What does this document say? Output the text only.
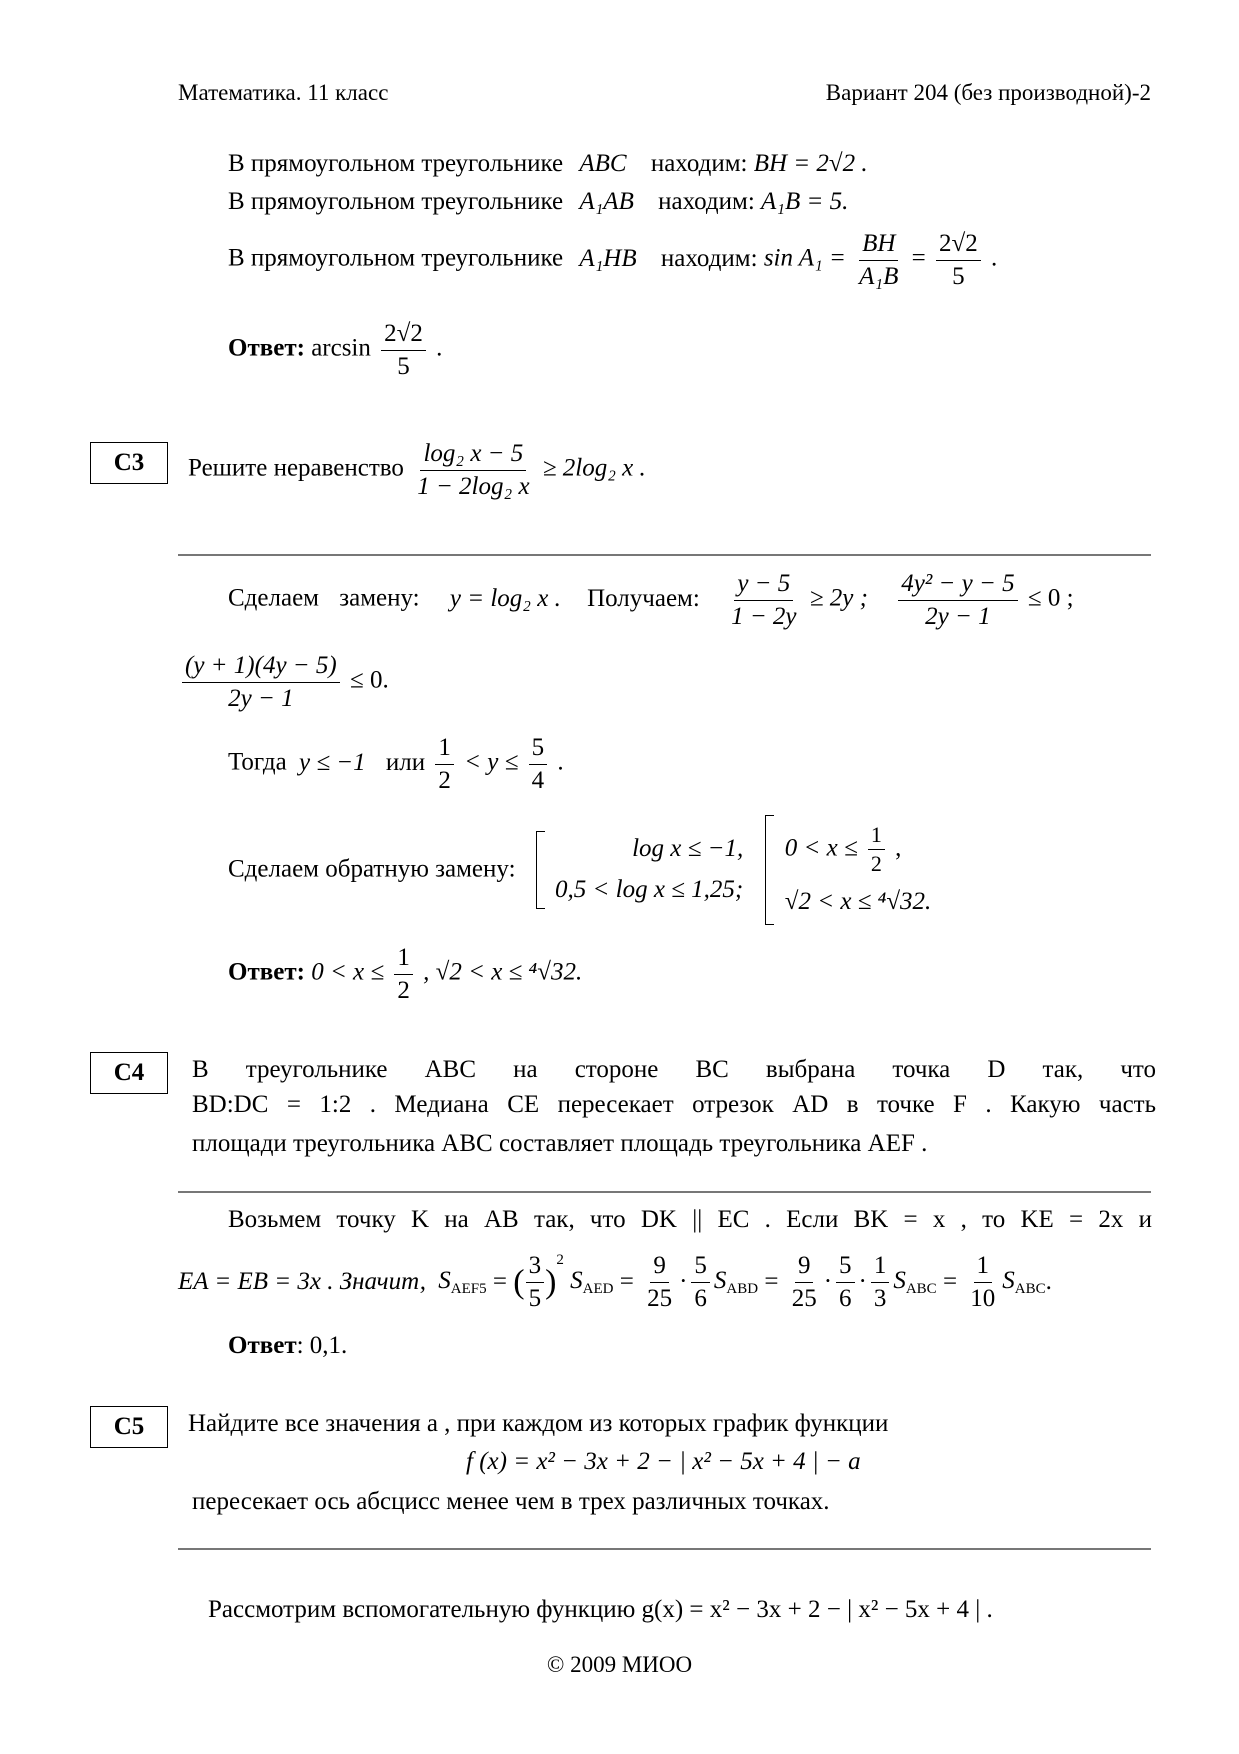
Математика. 11 класс	Вариант 204 (без производной)-2
В прямоугольном треугольнике ABC находим: BH = 2√2 .
В прямоугольном треугольнике A₁AB находим: A₁B = 5.
В прямоугольном треугольнике A₁HB находим: $\sin A_1 = \frac{BH}{\text{A₁B}} = \frac{2√2}{5}$ .
Ответ: $\arcsin \frac{2√2}{5}$ .
C3	Решите неравенство $\frac{\text{log₂ x − 5}}{\text{1 − 2log₂ x}} \ge 2\log_2$ x .
Сделаем замену: y = log₂ x . Получаем: $\frac{y - 5}{1 - 2y} \ge 2y$ ; $\frac{\text{4y² − y − 5}}{2y - 1} \le 0$ ;
$\frac{(y + 1)(4y - 5)}{2y - 1} \le 0$.
Тогда y ≤ −1 или $\frac{1}{2} < y \le \frac{5}{4}$ .
Сделаем обратную замену:
log x ≤ −1,
0,5 < log x ≤ 1,25;

$0 < x \le \frac{1}{2}$ ,
√2 < x ≤ ⁴√32.
Ответ: $0 < x \le \frac{1}{2}$ , √2 < x ≤ ⁴√32.
C4	В треугольнике ABC на стороне BC выбрана точка D так, что
BD:DC = 1:2 . Медиана CE пересекает отрезок AD в точке F . Какую часть
площади треугольника ABC составляет площадь треугольника AEF .
Возьмем точку K на AB так, что DK || EC . Если BK = x , то KE = 2x и
EA = EB = 3x . Значит, $S_{AEF5}$ = ( $\frac{3}{5} )^2$ $S_{AED} = \frac{9}{25} \cdot \frac{5}{6} S_{ABD} = \frac{9}{25} \cdot \frac{5}{6} \cdot \frac{1}{3} S_{ABC} = \frac{1}{10} S_{ABC}$.
Ответ: 0,1.
C5	Найдите все значения a , при каждом из которых график функции
f (x) = x² − 3x + 2 − | x² − 5x + 4 | − a
пересекает ось абсцисс менее чем в трех различных точках.
Рассмотрим вспомогательную функцию g(x) = x² − 3x + 2 − | x² − 5x + 4 | .
© 2009 МИОО
